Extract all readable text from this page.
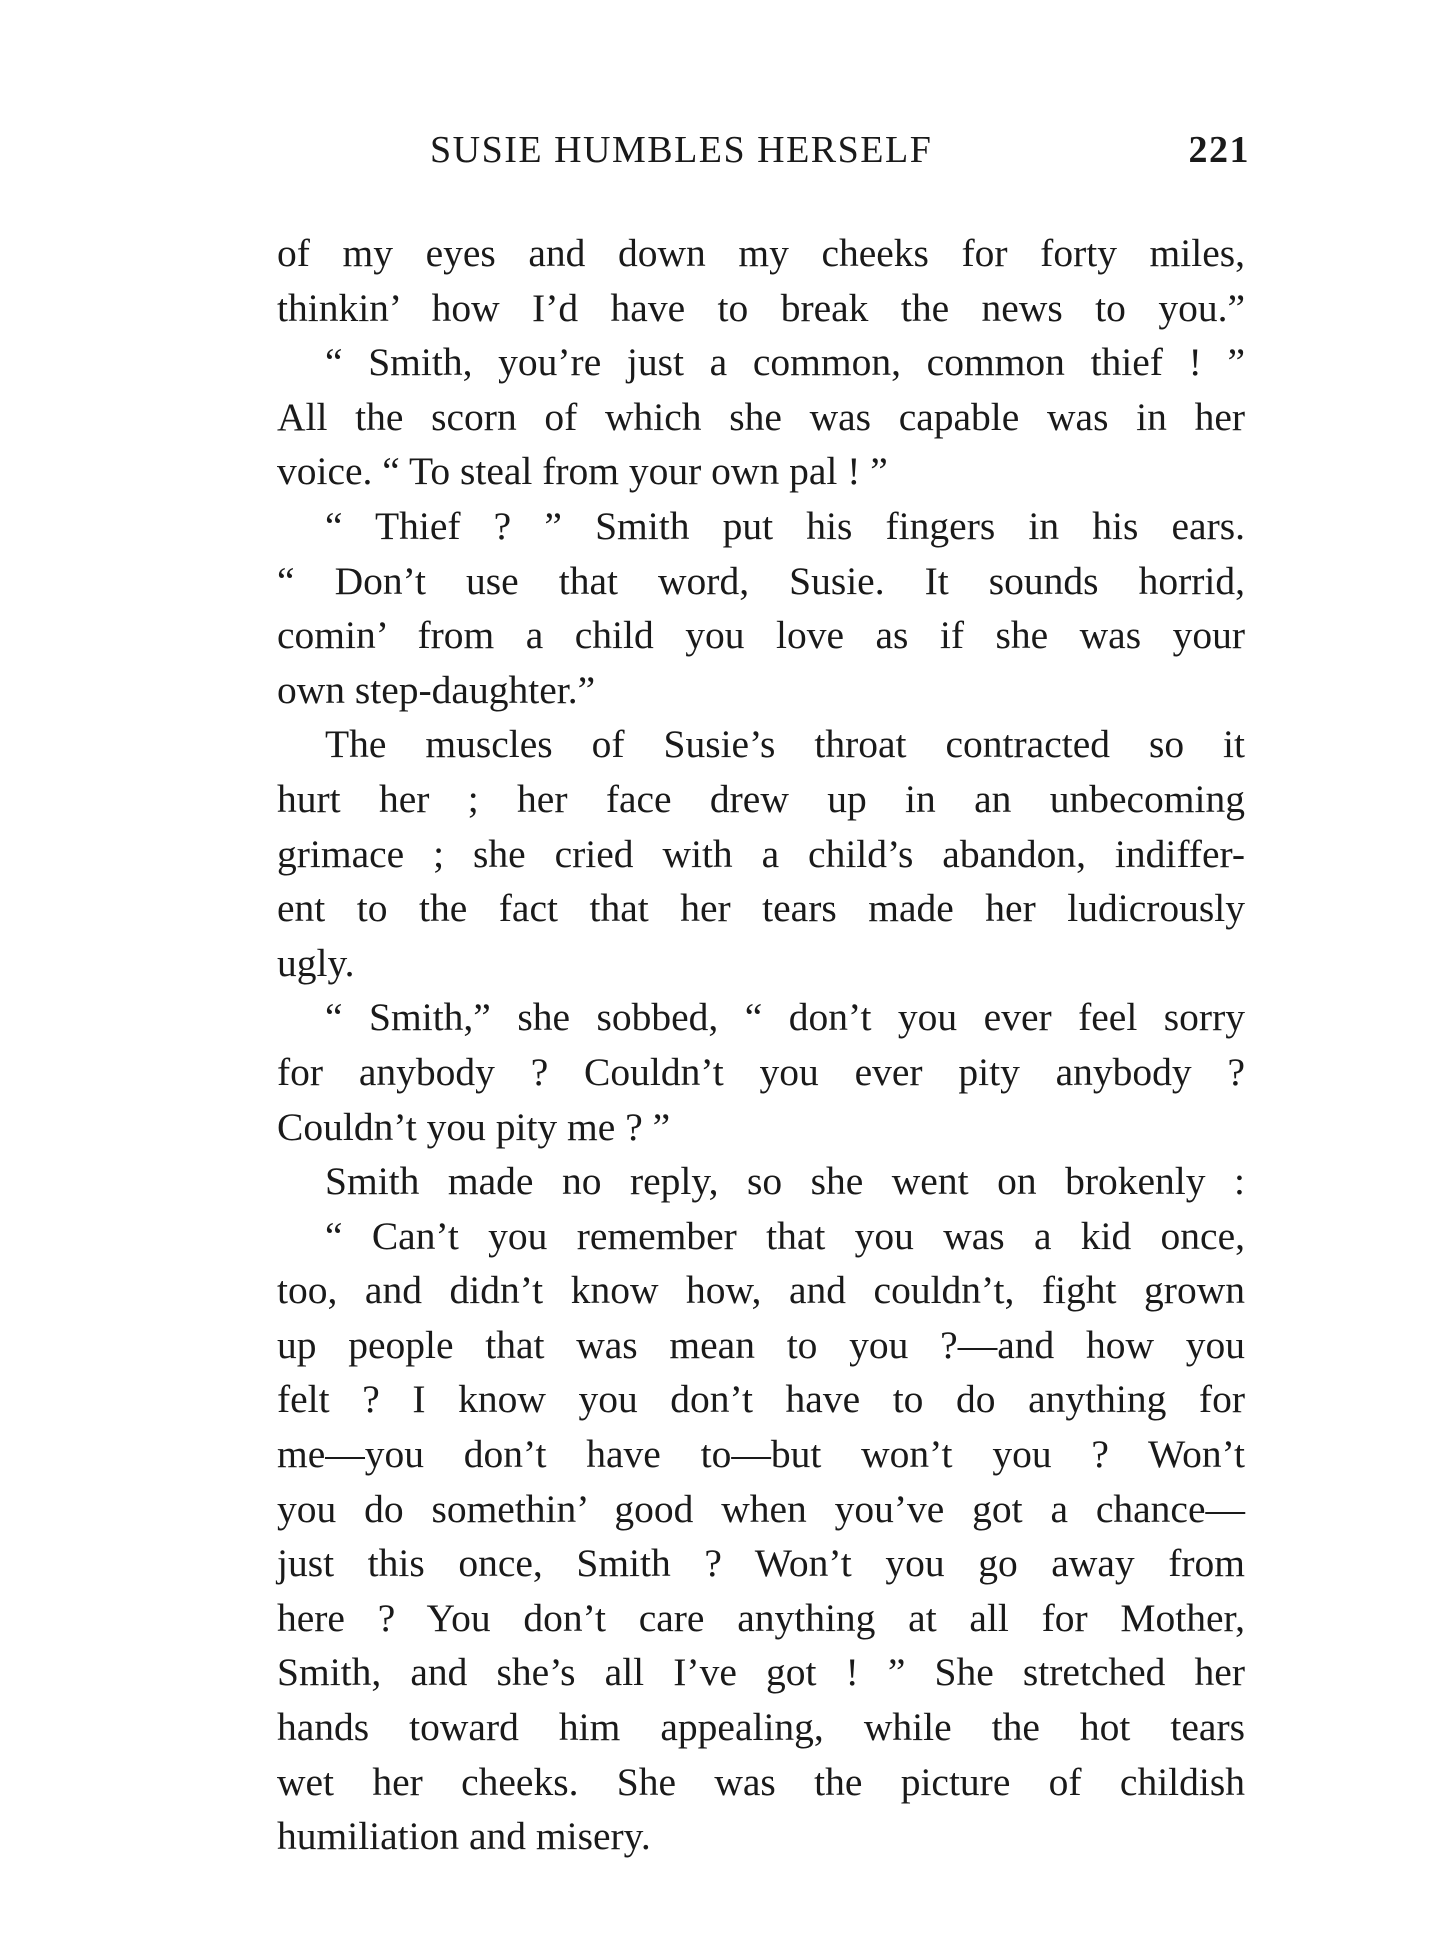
SUSIE HUMBLES HERSELF	221
of my eyes and down my cheeks for forty miles,
thinkin’ how I’d have to break the news to you.”
“ Smith, you’re just a common, common thief ! ”
All the scorn of which she was capable was in her
voice. “ To steal from your own pal ! ”
“ Thief ? ” Smith put his fingers in his ears.
“ Don’t use that word, Susie. It sounds horrid,
comin’ from a child you love as if she was your
own step-daughter.”
The muscles of Susie’s throat contracted so it
hurt her ; her face drew up in an unbecoming
grimace ; she cried with a child’s abandon, indiffer-
ent to the fact that her tears made her ludicrously
ugly.
“ Smith,” she sobbed, “ don’t you ever feel sorry
for anybody ? Couldn’t you ever pity anybody ?
Couldn’t you pity me ? ”
Smith made no reply, so she went on brokenly :
“ Can’t you remember that you was a kid once,
too, and didn’t know how, and couldn’t, fight grown
up people that was mean to you ?—and how you
felt ? I know you don’t have to do anything for
me—you don’t have to—but won’t you ? Won’t
you do somethin’ good when you’ve got a chance—
just this once, Smith ? Won’t you go away from
here ? You don’t care anything at all for Mother,
Smith, and she’s all I’ve got ! ” She stretched her
hands toward him appealing, while the hot tears
wet her cheeks. She was the picture of childish
humiliation and misery.
